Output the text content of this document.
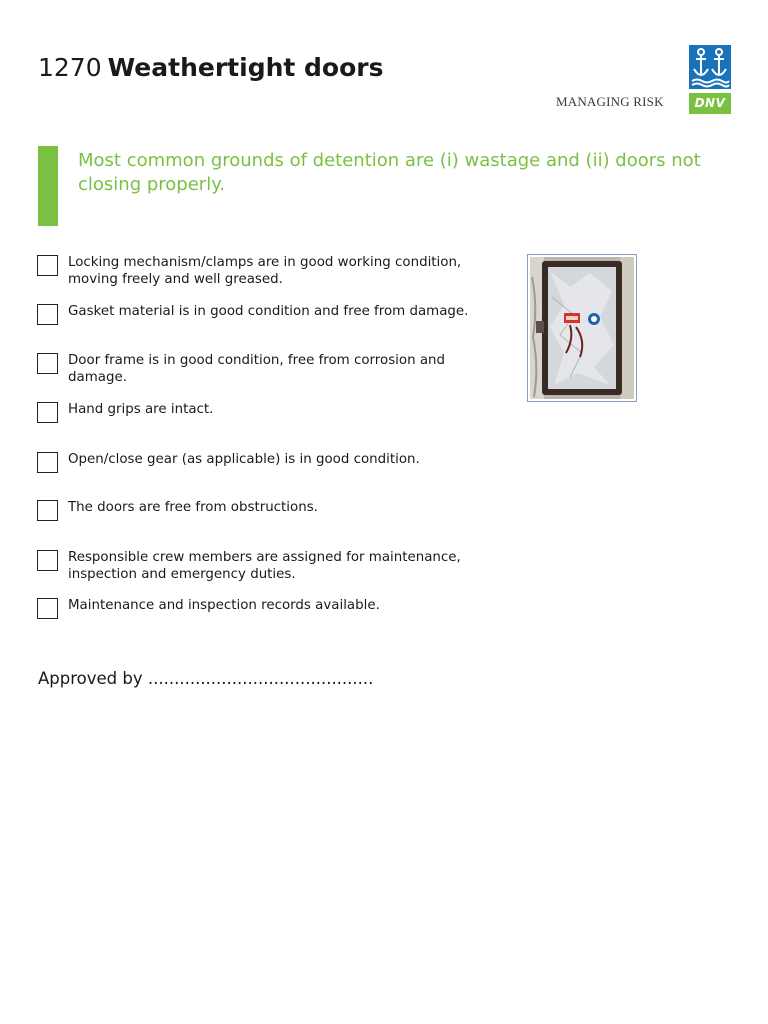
1270 Weathertight doors
MANAGING RISK	DNV
Most common grounds of detention are (i) wastage and (ii) doors not closing properly.
Locking mechanism/clamps are in good working condition, moving freely and well greased.
Gasket material is in good condition and free from damage.
Door frame is in good condition, free from corrosion and damage.
Hand grips are intact.
Open/close gear (as applicable) is in good condition.
The doors are free from obstructions.
Responsible crew members are assigned for maintenance, inspection and emergency duties.
Maintenance and inspection records available.
Approved by ...........................................
